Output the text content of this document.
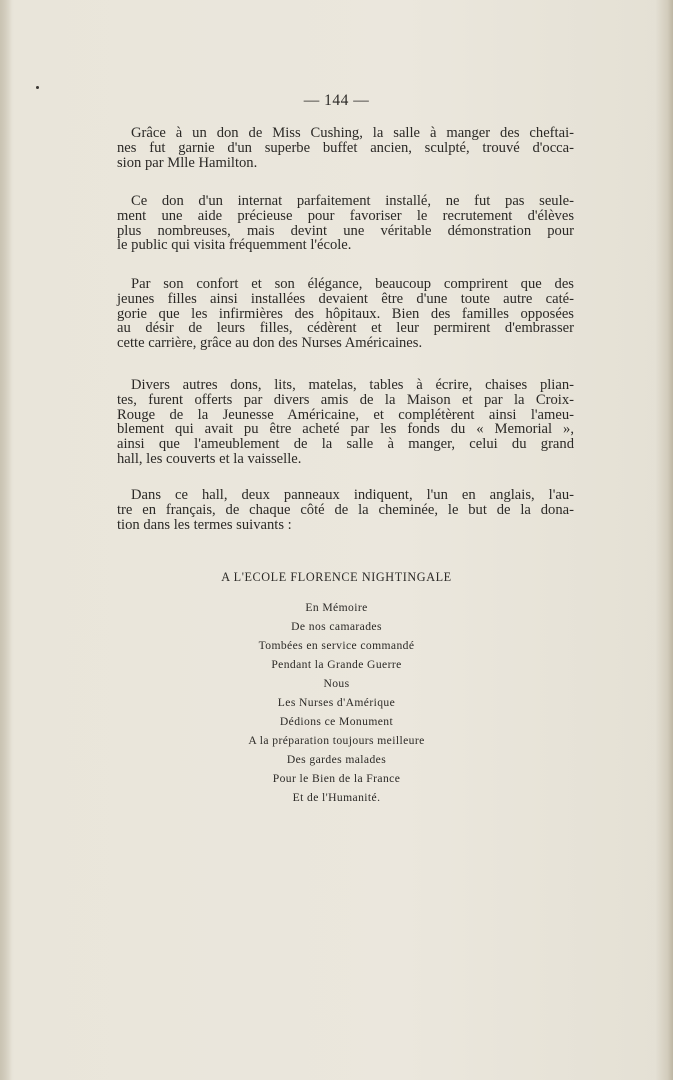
— 144 —
Grâce à un don de Miss Cushing, la salle à manger des cheftai-
nes fut garnie d'un superbe buffet ancien, sculpté, trouvé d'occa-
sion par Mlle Hamilton.
Ce don d'un internat parfaitement installé, ne fut pas seule-
ment une aide précieuse pour favoriser le recrutement d'élèves
plus nombreuses, mais devint une véritable démonstration pour
le public qui visita fréquemment l'école.
Par son confort et son élégance, beaucoup comprirent que des
jeunes filles ainsi installées devaient être d'une toute autre caté-
gorie que les infirmières des hôpitaux. Bien des familles opposées
au désir de leurs filles, cédèrent et leur permirent d'embrasser
cette carrière, grâce au don des Nurses Américaines.
Divers autres dons, lits, matelas, tables à écrire, chaises plian-
tes, furent offerts par divers amis de la Maison et par la Croix-
Rouge de la Jeunesse Américaine, et complétèrent ainsi l'ameu-
blement qui avait pu être acheté par les fonds du « Memorial »,
ainsi que l'ameublement de la salle à manger, celui du grand
hall, les couverts et la vaisselle.
Dans ce hall, deux panneaux indiquent, l'un en anglais, l'au-
tre en français, de chaque côté de la cheminée, le but de la dona-
tion dans les termes suivants :
A L'ECOLE FLORENCE NIGHTINGALE
En Mémoire
De nos camarades
Tombées en service commandé
Pendant la Grande Guerre
Nous
Les Nurses d'Amérique
Dédions ce Monument
A la préparation toujours meilleure
Des gardes malades
Pour le Bien de la France
Et de l'Humanité.
